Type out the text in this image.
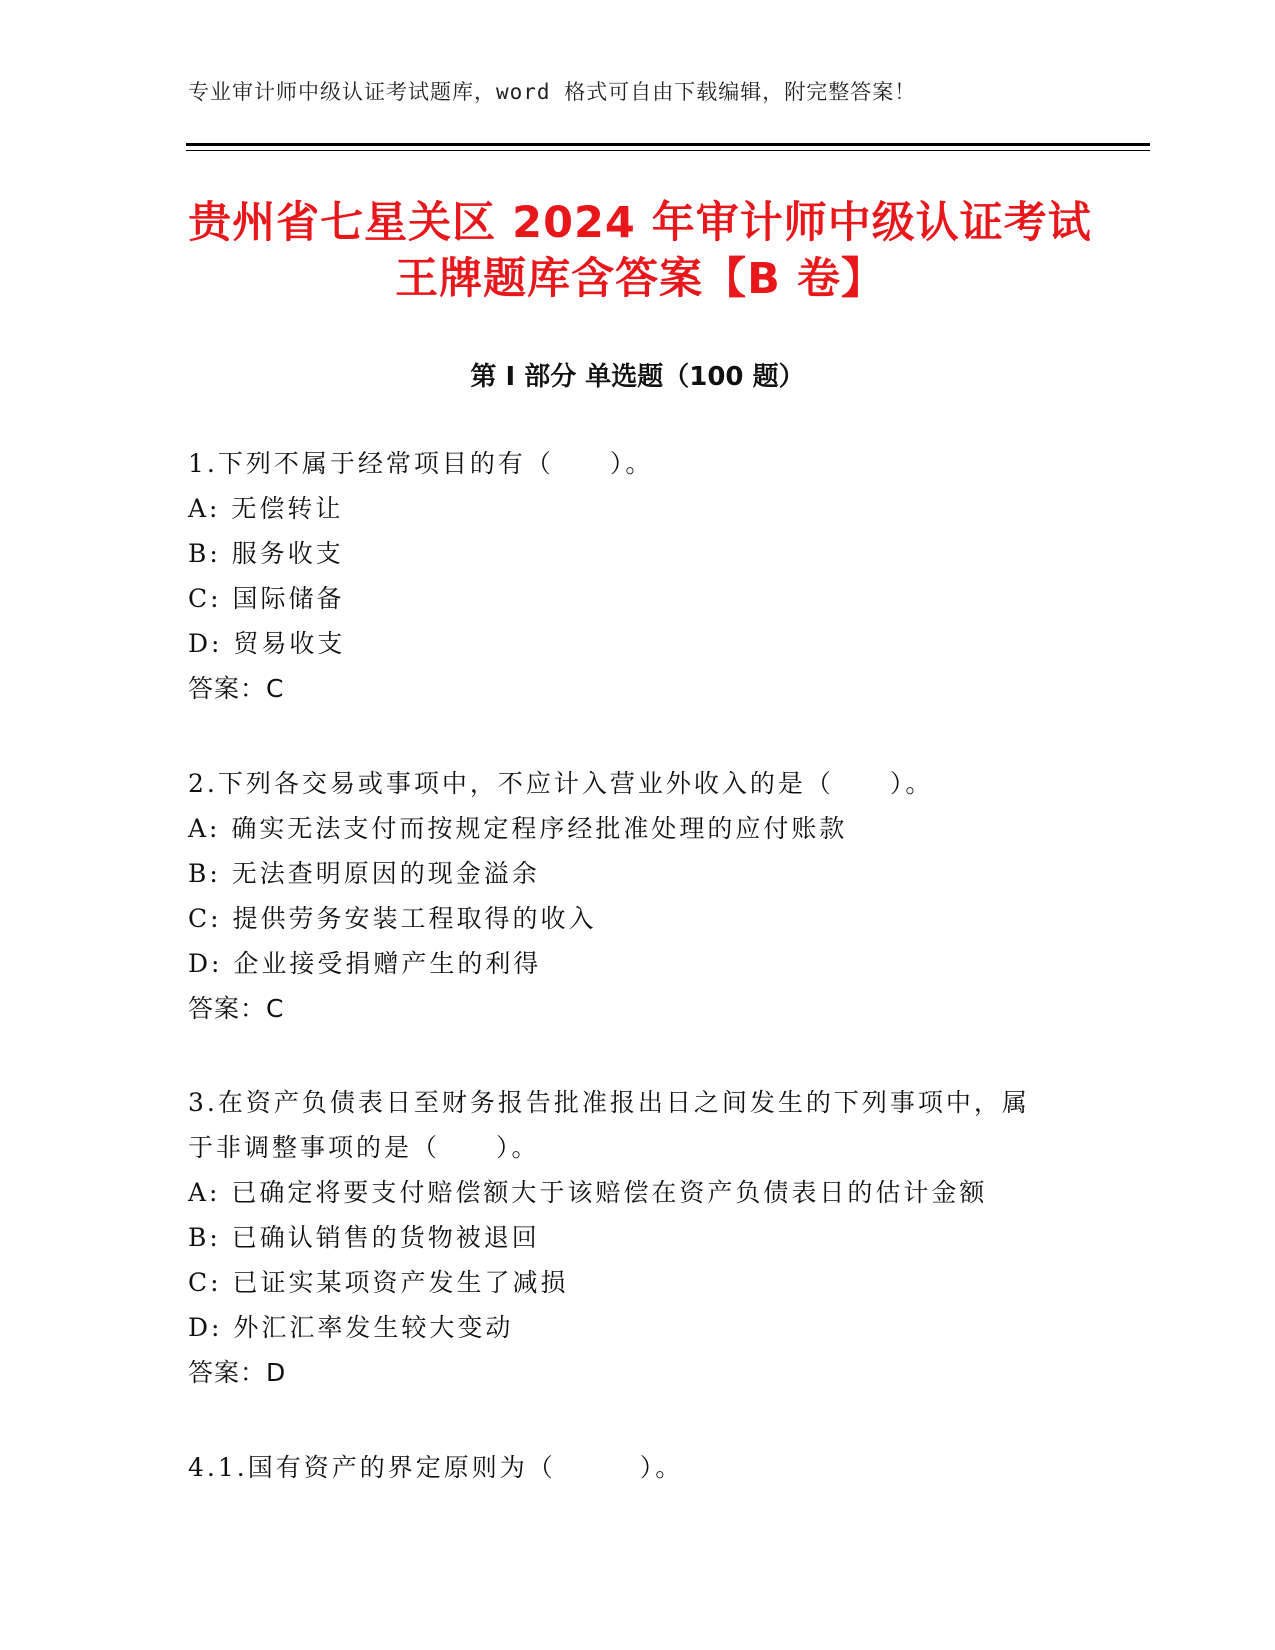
专业审计师中级认证考试题库，word 格式可自由下载编辑，附完整答案！
贵州省七星关区 2024 年审计师中级认证考试
王牌题库含答案【B 卷】
第 I 部分 单选题（100 题）
1.下列不属于经常项目的有（　　）。
A: 无偿转让
B: 服务收支
C: 国际储备
D: 贸易收支
答案：C
2.下列各交易或事项中，不应计入营业外收入的是（　　）。
A: 确实无法支付而按规定程序经批准处理的应付账款
B: 无法查明原因的现金溢余
C: 提供劳务安装工程取得的收入
D: 企业接受捐赠产生的利得
答案：C
3.在资产负债表日至财务报告批准报出日之间发生的下列事项中，属
于非调整事项的是（　　）。
A: 已确定将要支付赔偿额大于该赔偿在资产负债表日的估计金额
B: 已确认销售的货物被退回
C: 已证实某项资产发生了减损
D: 外汇汇率发生较大变动
答案：D
4.1.国有资产的界定原则为（　　　）。
